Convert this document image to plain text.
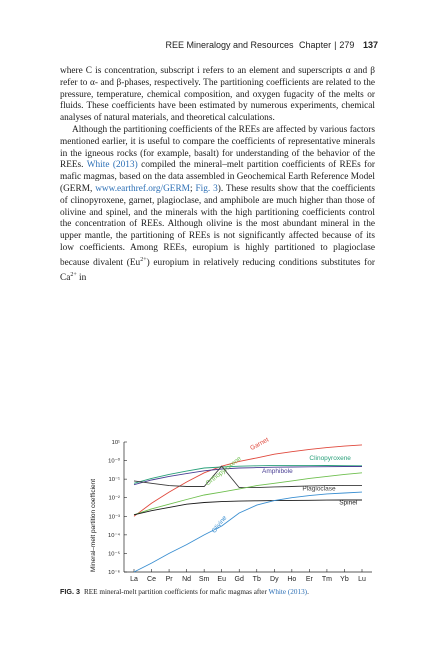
REE Mineralogy and Resources Chapter | 279 137

where C is concentration, subscript i refers to an element and superscripts α and β refer to α- and β-phases, respectively. The partitioning coefficients are related to the pressure, temperature, chemical composition, and oxygen fugacity of the melts or fluids. These coefficients have been estimated by numerous experiments, chemical analyses of natural materials, and theoretical calculations.

Although the partitioning coefficients of the REEs are affected by various factors mentioned earlier, it is useful to compare the coefficients of representative minerals in the igneous rocks (for example, basalt) for understanding of the behavior of the REEs. White (2013) compiled the mineral–melt partition coefficients of REEs for mafic magmas, based on the data assembled in Geochemical Earth Reference Model (GERM, www.earthref.org/GERM; Fig. 3). These results show that the coefficients of clinopyroxene, garnet, plagioclase, and amphibole are much higher than those of olivine and spinel, and the minerals with the high partitioning coefficients control the concentration of REEs. Although olivine is the most abundant mineral in the upper mantle, the partitioning of REEs is not significantly affected because of its low coefficients. Among REEs, europium is highly partitioned to plagioclase because divalent $(Eu^{2+})$ europium in relatively reducing conditions substitutes for $Ca^{2+}$ in

Mineral–melt partition coefficient
10¹
10⁻⁰
10⁻¹
10⁻²
10⁻³
10⁻⁴
10⁻⁵
10⁻⁶
La Ce Pr Nd Sm Eu Gd Tb Dy Ho Er Tm Yb Lu
Garnet
Clinopyroxene
Amphibole
Plagioclase
Orthopyroxene
Spinel
Olivine
FIG. 3 REE mineral-melt partition coefficients for mafic magmas after White (2013).
